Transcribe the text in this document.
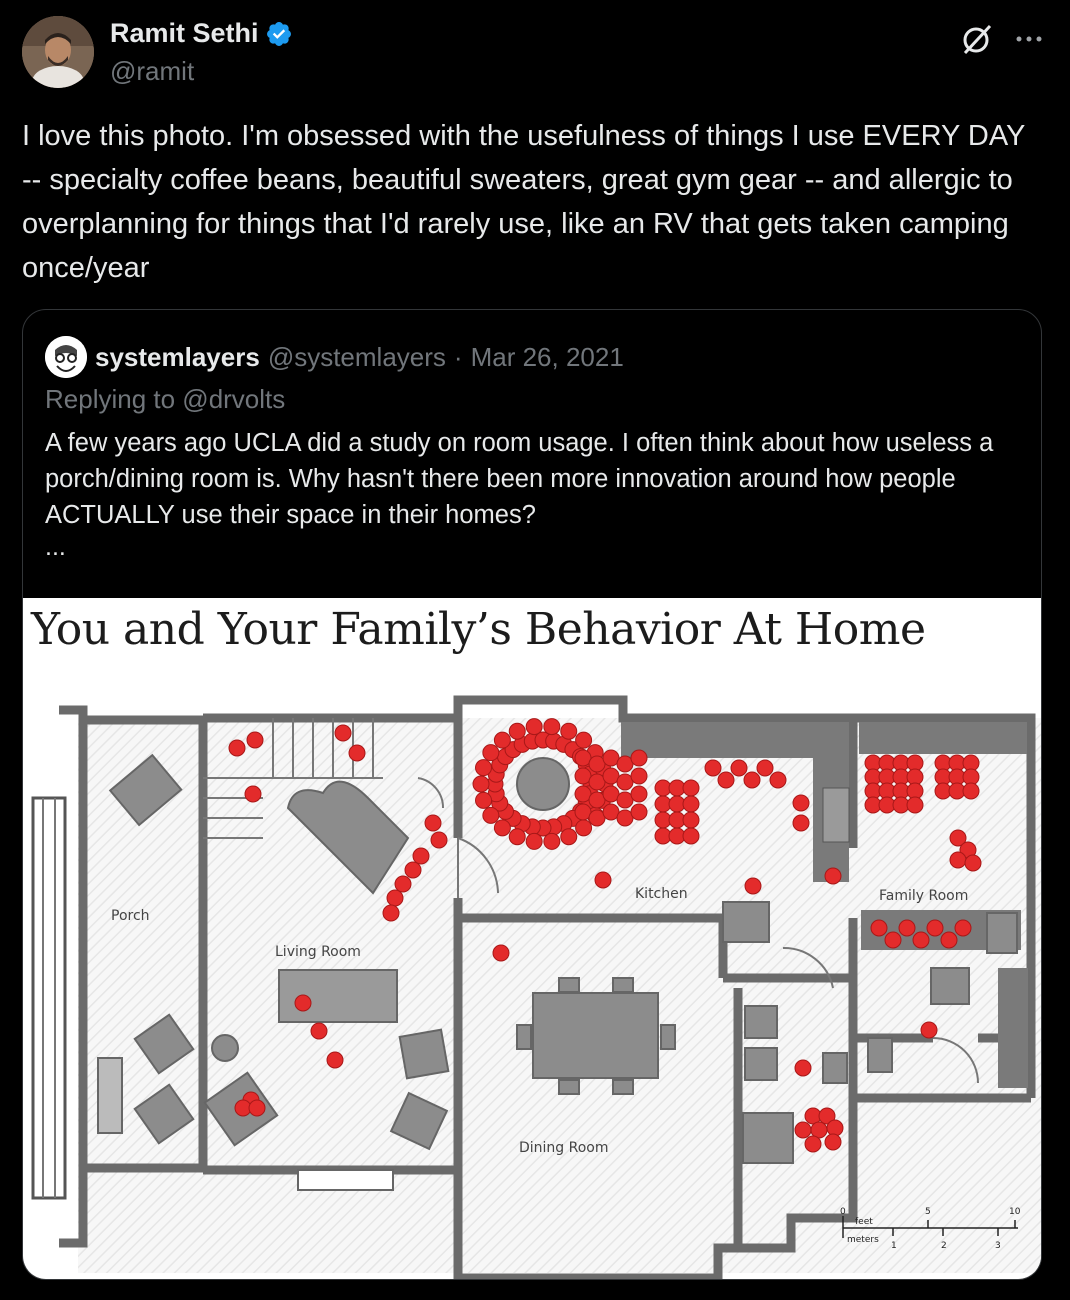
Ramit Sethi
@ramit
I love this photo. I'm obsessed with the usefulness of things I use EVERY DAY -- specialty coffee beans, beautiful sweaters, great gym gear -- and allergic to overplanning for things that I'd rarely use, like an RV that gets taken camping once/year
systemlayers @systemlayers · Mar 26, 2021
Replying to @drvolts
A few years ago UCLA did a study on room usage. I often think about how useless a porch/dining room is. Why hasn't there been more innovation around how people ACTUALLY use their space in their homes?
...
You and Your Family’s Behavior At Home
Porch
Living Room
Kitchen	Family Room
Dining Room
0	5	10
feet
meters
1	2	3
